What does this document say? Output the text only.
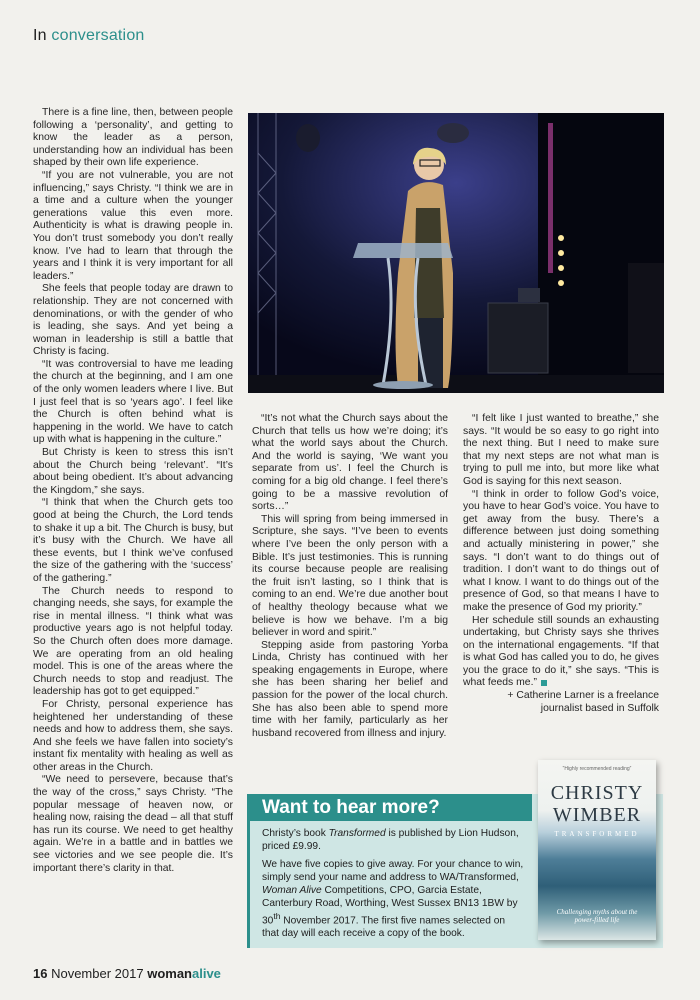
In conversation

There is a fine line, then, between people following a ‘personality’, and getting to know the leader as a person, understanding how an individual has been shaped by their own life experience.

“If you are not vulnerable, you are not influencing,” says Christy. “I think we are in a time and a culture when the younger generations value this even more. Authenticity is what is drawing people in. You don’t trust somebody you don’t really know. I’ve had to learn that through the years and I think it is very important for all leaders.”

She feels that people today are drawn to relationship. They are not concerned with denominations, or with the gender of who is leading, she says. And yet being a woman in leadership is still a battle that Christy is facing.

“It was controversial to have me leading the church at the beginning, and I am one of the only women leaders where I live. But I just feel that is so ‘years ago’. I feel like the Church is often behind what is happening in the world. We have to catch up with what is happening in the culture.”

But Christy is keen to stress this isn’t about the Church being ‘relevant’. “It’s about being obedient. It’s about advancing the Kingdom,” she says.

“I think that when the Church gets too good at being the Church, the Lord tends to shake it up a bit. The Church is busy, but it’s busy with the Church. We have all these events, but I think we’ve confused the size of the gathering with the ‘success’ of the gathering.”

The Church needs to respond to changing needs, she says, for example the rise in mental illness. “I think what was productive years ago is not helpful today. So the Church often does more damage. We are operating from an old healing model. This is one of the areas where the Church needs to stop and readjust. The leadership has got to get equipped.”

For Christy, personal experience has heightened her understanding of these needs and how to address them, she says. And she feels we have fallen into society’s instant fix mentality with healing as well as other areas in the Church.

“We need to persevere, because that’s the way of the cross,” says Christy. “The popular message of heaven now, or healing now, raising the dead – all that stuff has run its course. We need to get healthy again. We’re in a battle and in battles we see victories and we see people die. It’s important there’s clarity in that.

“It’s not what the Church says about the Church that tells us how we’re doing; it’s what the world says about the Church. And the world is saying, ‘We want you separate from us’. I feel the Church is coming for a big old change. I feel there’s going to be a massive revolution of sorts…”

This will spring from being immersed in Scripture, she says. “I’ve been to events where I’ve been the only person with a Bible. It’s just testimonies. This is running its course because people are realising the fruit isn’t lasting, so I think that is coming to an end. We’re due another bout of healthy theology because what we believe is how we behave. I’m a big believer in word and spirit.”

Stepping aside from pastoring Yorba Linda, Christy has continued with her speaking engagements in Europe, where she has been sharing her belief and passion for the power of the local church. She has also been able to spend more time with her family, particularly as her husband recovered from illness and injury.

“I felt like I just wanted to breathe,” she says. “It would be so easy to go right into the next thing. But I need to make sure that my next steps are not what man is trying to pull me into, but more like what God is saying for this next season.

“I think in order to follow God’s voice, you have to hear God’s voice. You have to get away from the busy. There’s a difference between just doing something and actually ministering in power,” she says. “I don’t want to do things out of tradition. I don’t want to do things out of what I know. I want to do things out of the presence of God, so that means I have to make the presence of God my priority.”

Her schedule still sounds an exhausting undertaking, but Christy says she thrives on the international engagements. “If that is what God has called you to do, he gives you the grace to do it,” she says. “This is what feeds me.”

+ Catherine Larner is a freelance journalist based in Suffolk

Want to hear more?

Christy’s book Transformed is published by Lion Hudson, priced £9.99.

We have five copies to give away. For your chance to win, simply send your name and address to WA/Transformed, Woman Alive Competitions, CPO, Garcia Estate, Canterbury Road, Worthing, West Sussex BN13 1BW by 30th November 2017. The first five names selected on that day will each receive a copy of the book.

“Highly recommended reading”
CHRISTY
WIMBER
TRANSFORMED
Challenging myths about the power-filled life
16 November 2017 womanalive
